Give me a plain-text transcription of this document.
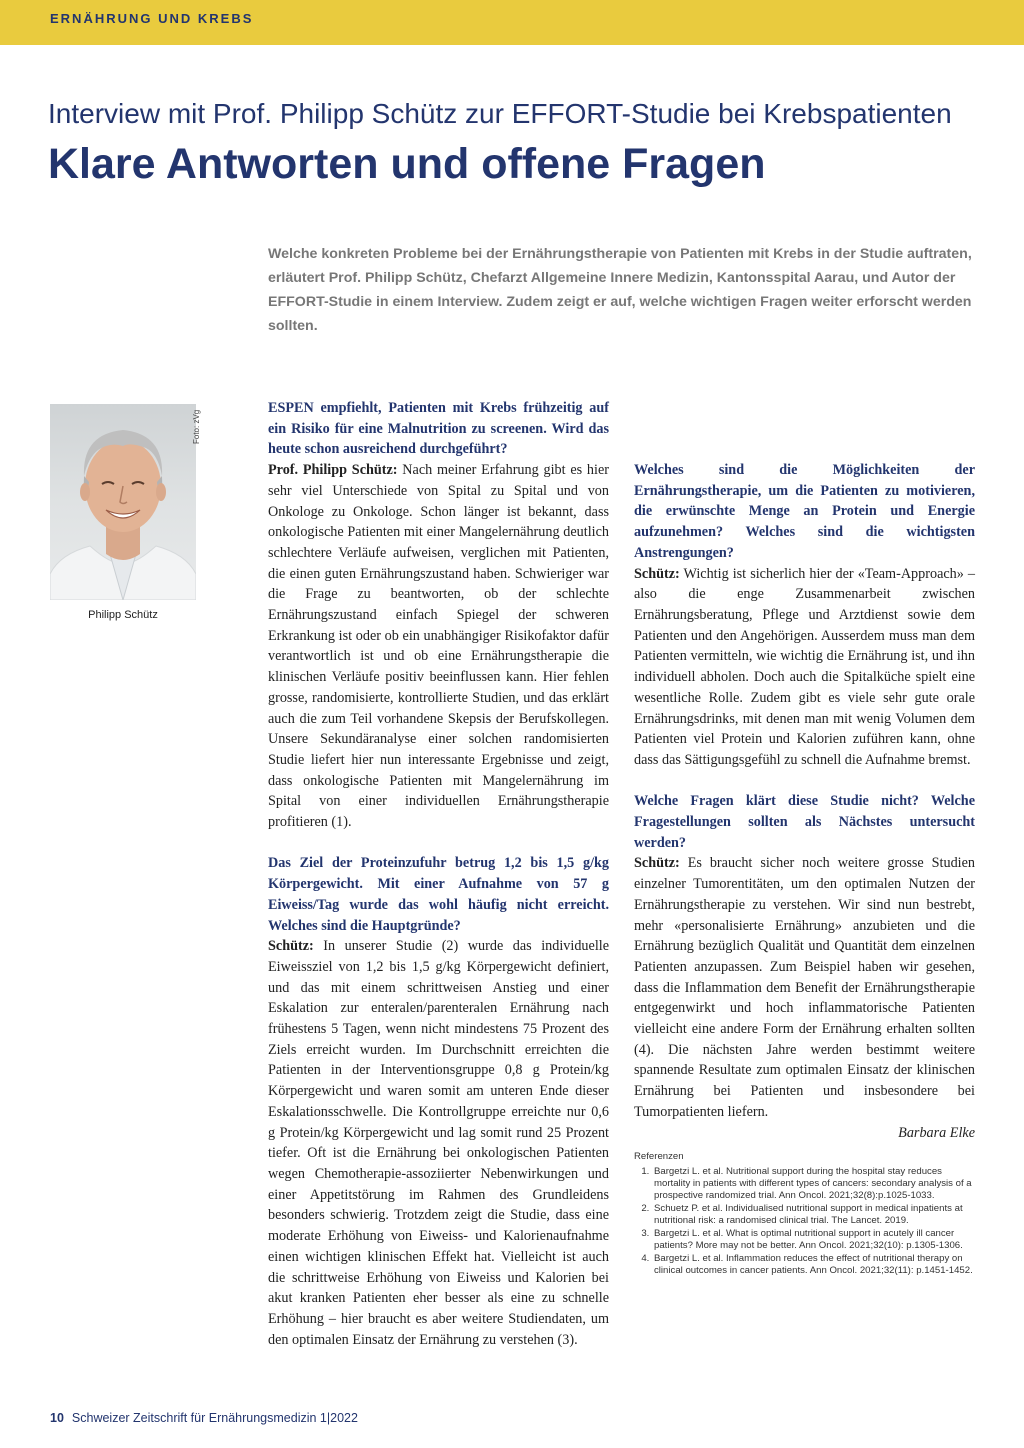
ERNÄHRUNG UND KREBS
Interview mit Prof. Philipp Schütz zur EFFORT-Studie bei Krebspatienten
Klare Antworten und offene Fragen
Welche konkreten Probleme bei der Ernährungstherapie von Patienten mit Krebs in der Studie auftraten, erläutert Prof. Philipp Schütz, Chefarzt Allgemeine Innere Medizin, Kantonsspital Aarau, und Autor der EFFORT-Studie in einem Interview. Zudem zeigt er auf, welche wichtigen Fragen weiter erforscht werden sollten.
Foto: zVg
Philipp Schütz

ESPEN empfiehlt, Patienten mit Krebs frühzeitig auf ein Risiko für eine Malnutrition zu screenen. Wird das heute schon ausreichend durchgeführt?

Prof. Philipp Schütz: Nach meiner Erfahrung gibt es hier sehr viel Unterschiede von Spital zu Spital und von Onkologe zu Onkologe. Schon länger ist bekannt, dass onkologische Patienten mit einer Mangelernährung deutlich schlechtere Verläufe aufweisen, verglichen mit Patienten, die einen guten Ernährungszustand haben. Schwieriger war die Frage zu beantworten, ob der schlechte Ernährungszustand einfach Spiegel der schweren Erkrankung ist oder ob ein unabhängiger Risikofaktor dafür verantwortlich ist und ob eine Ernährungstherapie die klinischen Verläufe positiv beeinflussen kann. Hier fehlen grosse, randomisierte, kontrollierte Studien, und das erklärt auch die zum Teil vorhandene Skepsis der Berufskollegen. Unsere Sekundäranalyse einer solchen randomisierten Studie liefert hier nun interessante Ergebnisse und zeigt, dass onkologische Patienten mit Mangelernährung im Spital von einer individuellen Ernährungstherapie profitieren (1).

Das Ziel der Proteinzufuhr betrug 1,2 bis 1,5 g/kg Körpergewicht. Mit einer Aufnahme von 57 g Eiweiss/Tag wurde das wohl häufig nicht erreicht. Welches sind die Hauptgründe?

Schütz: In unserer Studie (2) wurde das individuelle Eiweissziel von 1,2 bis 1,5 g/kg Körpergewicht definiert, und das mit einem schrittweisen Anstieg und einer Eskalation zur enteralen/parenteralen Ernährung nach frühestens 5 Tagen, wenn nicht mindestens 75 Prozent des Ziels erreicht wurden. Im Durchschnitt erreichten die Patienten in der Interventionsgruppe 0,8 g Protein/kg Körpergewicht und waren somit am unteren Ende dieser Eskalationsschwelle. Die Kontrollgruppe erreichte nur 0,6 g Protein/kg Körpergewicht und lag somit rund 25 Prozent tiefer. Oft ist die Ernährung bei onkologischen Patienten wegen Chemotherapie-assoziierter Nebenwirkungen und einer Appetitstörung im Rahmen des Grundleidens besonders schwierig. Trotzdem zeigt die Studie, dass eine moderate Erhöhung von Eiweiss- und Kalorienaufnahme einen wichtigen klinischen Effekt hat. Vielleicht ist auch die schrittweise Erhöhung von Eiweiss und Kalorien bei akut kranken Patienten eher besser als eine zu schnelle Erhöhung – hier braucht es aber weitere Studiendaten, um den optimalen Einsatz der Ernährung zu verstehen (3).

Welches sind die Möglichkeiten der Ernährungstherapie, um die Patienten zu motivieren, die erwünschte Menge an Protein und Energie aufzunehmen? Welches sind die wichtigsten Anstrengungen?

Schütz: Wichtig ist sicherlich hier der «Team-Approach» – also die enge Zusammenarbeit zwischen Ernährungsberatung, Pflege und Arztdienst sowie dem Patienten und den Angehörigen. Ausserdem muss man dem Patienten vermitteln, wie wichtig die Ernährung ist, und ihn individuell abholen. Doch auch die Spitalküche spielt eine wesentliche Rolle. Zudem gibt es viele sehr gute orale Ernährungsdrinks, mit denen man mit wenig Volumen dem Patienten viel Protein und Kalorien zuführen kann, ohne dass das Sättigungsgefühl zu schnell die Aufnahme bremst.

Welche Fragen klärt diese Studie nicht? Welche Fragestellungen sollten als Nächstes untersucht werden?

Schütz: Es braucht sicher noch weitere grosse Studien einzelner Tumorentitäten, um den optimalen Nutzen der Ernährungstherapie zu verstehen. Wir sind nun bestrebt, mehr «personalisierte Ernährung» anzubieten und die Ernährung bezüglich Qualität und Quantität dem einzelnen Patienten anzupassen. Zum Beispiel haben wir gesehen, dass die Inflammation dem Benefit der Ernährungstherapie entgegenwirkt und hoch inflammatorische Patienten vielleicht eine andere Form der Ernährung erhalten sollten (4). Die nächsten Jahre werden bestimmt weitere spannende Resultate zum optimalen Einsatz der klinischen Ernährung bei Patienten und insbesondere bei Tumorpatienten liefern.

Barbara Elke

Referenzen
1. Bargetzi L. et al. Nutritional support during the hospital stay reduces mortality in patients with different types of cancers: secondary analysis of a prospective randomized trial. Ann Oncol. 2021;32(8):p.1025-1033.
2. Schuetz P. et al. Individualised nutritional support in medical inpatients at nutritional risk: a randomised clinical trial. The Lancet. 2019.
3. Bargetzi L. et al. What is optimal nutritional support in acutely ill cancer patients? More may not be better. Ann Oncol. 2021;32(10): p.1305-1306.
4. Bargetzi L. et al. Inflammation reduces the effect of nutritional therapy on clinical outcomes in cancer patients. Ann Oncol. 2021;32(11): p.1451-1452.
10 Schweizer Zeitschrift für Ernährungsmedizin 1|2022
